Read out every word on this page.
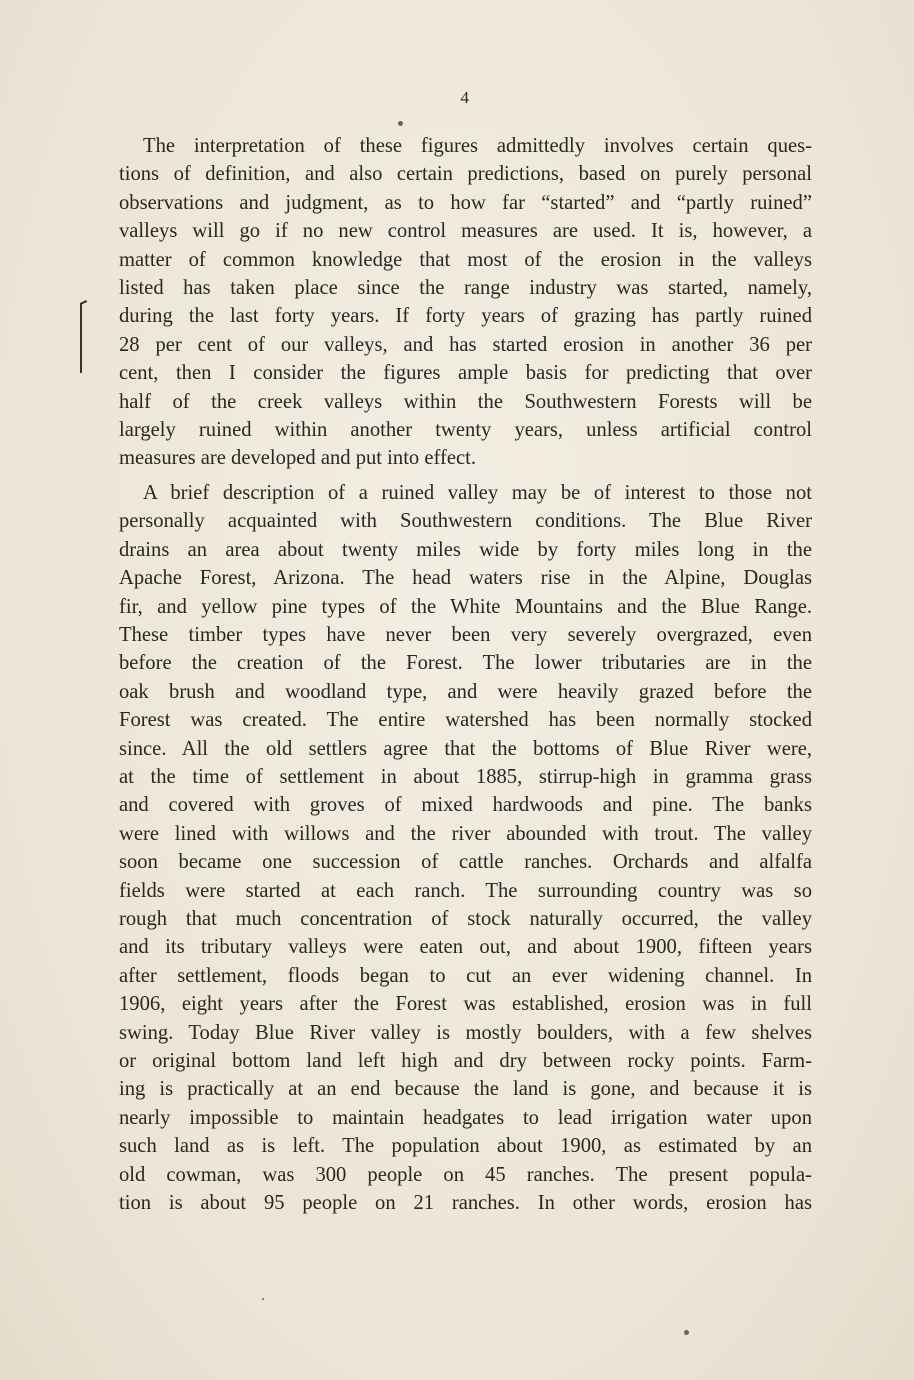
4

The interpretation of these figures admittedly involves certain ques-
tions of definition, and also certain predictions, based on purely personal
observations and judgment, as to how far “started” and “partly ruined”
valleys will go if no new control measures are used. It is, however, a
matter of common knowledge that most of the erosion in the valleys
listed has taken place since the range industry was started, namely,
during the last forty years. If forty years of grazing has partly ruined
28 per cent of our valleys, and has started erosion in another 36 per
cent, then I consider the figures ample basis for predicting that over
half of the creek valleys within the Southwestern Forests will be
largely ruined within another twenty years, unless artificial control
measures are developed and put into effect.

A brief description of a ruined valley may be of interest to those not
personally acquainted with Southwestern conditions. The Blue River
drains an area about twenty miles wide by forty miles long in the
Apache Forest, Arizona. The head waters rise in the Alpine, Douglas
fir, and yellow pine types of the White Mountains and the Blue Range.
These timber types have never been very severely overgrazed, even
before the creation of the Forest. The lower tributaries are in the
oak brush and woodland type, and were heavily grazed before the
Forest was created. The entire watershed has been normally stocked
since. All the old settlers agree that the bottoms of Blue River were,
at the time of settlement in about 1885, stirrup-high in gramma grass
and covered with groves of mixed hardwoods and pine. The banks
were lined with willows and the river abounded with trout. The valley
soon became one succession of cattle ranches. Orchards and alfalfa
fields were started at each ranch. The surrounding country was so
rough that much concentration of stock naturally occurred, the valley
and its tributary valleys were eaten out, and about 1900, fifteen years
after settlement, floods began to cut an ever widening channel. In
1906, eight years after the Forest was established, erosion was in full
swing. Today Blue River valley is mostly boulders, with a few shelves
or original bottom land left high and dry between rocky points. Farm-
ing is practically at an end because the land is gone, and because it is
nearly impossible to maintain headgates to lead irrigation water upon
such land as is left. The population about 1900, as estimated by an
old cowman, was 300 people on 45 ranches. The present popula-
tion is about 95 people on 21 ranches. In other words, erosion has
